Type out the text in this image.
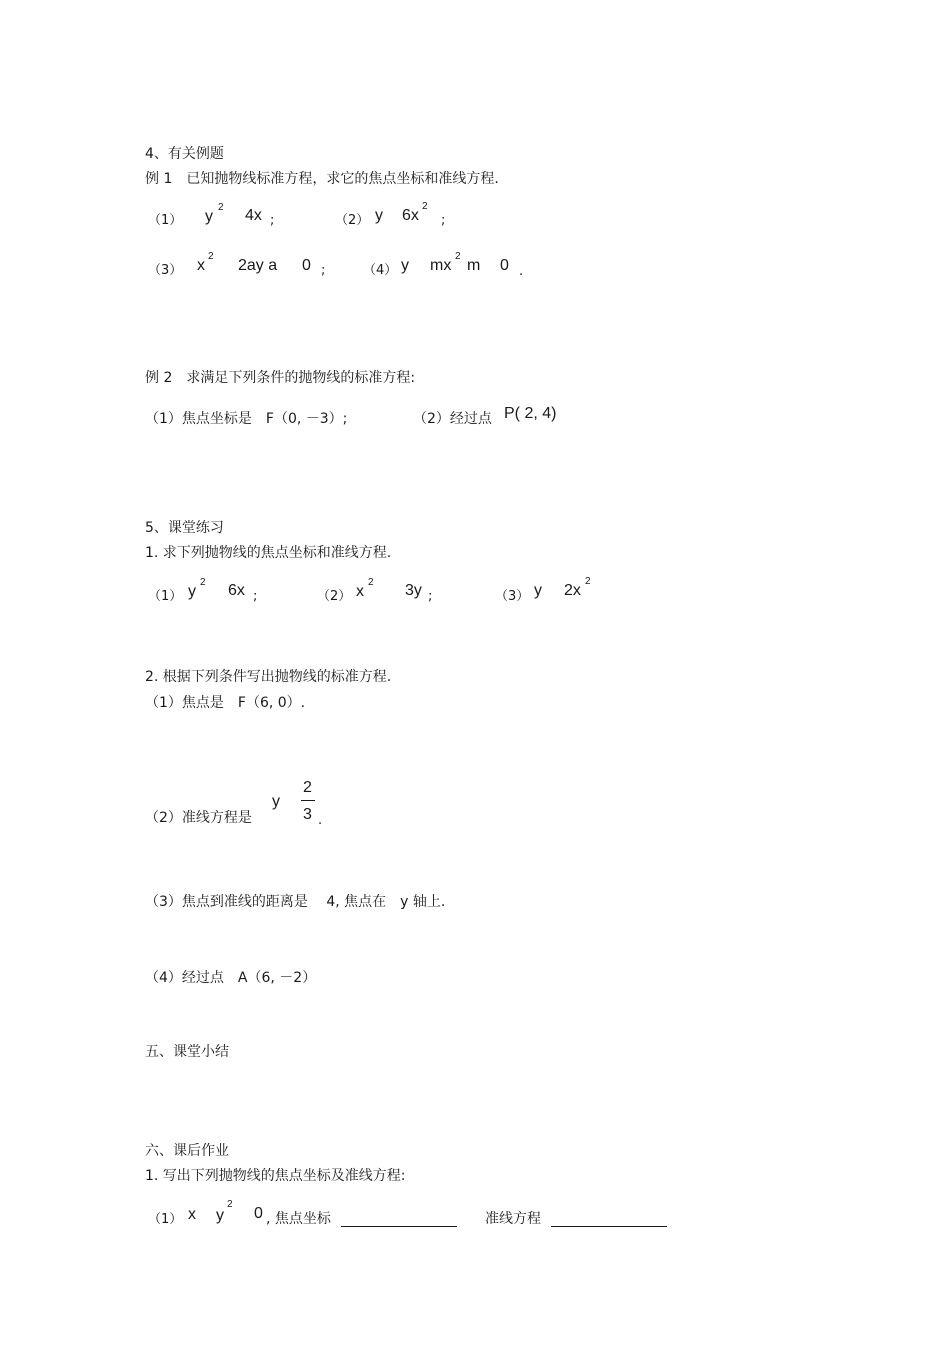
4、有关例题
例 1　已知抛物线标准方程，求它的焦点坐标和准线方程.
（1） y
2 4x ;	（2） y 6x
2
;
（3） x
2
2ay a 0 ;	（4） y mx
2
m 0 .
例 2　求满足下列条件的抛物线的标准方程:
（1）焦点坐标是　F（0, －3）;	（2）经过点 P( 2, 4)
5、课堂练习
1. 求下列抛物线的焦点坐标和准线方程.
（1） y
2 6x ;	（2） x
2 3y ;	（3） y 2x
2
2. 根据下列条件写出抛物线的标准方程.
（1）焦点是　F（6, 0）.
（2）准线方程是
y
2
3 .
（3）焦点到准线的距离是　 4, 焦点在　y 轴上.
（4）经过点　A（6, －2）
五、课堂小结
六、课后作业
1. 写出下列抛物线的焦点坐标及准线方程:
（1） x y
2
0 , 焦点坐标	准线方程
